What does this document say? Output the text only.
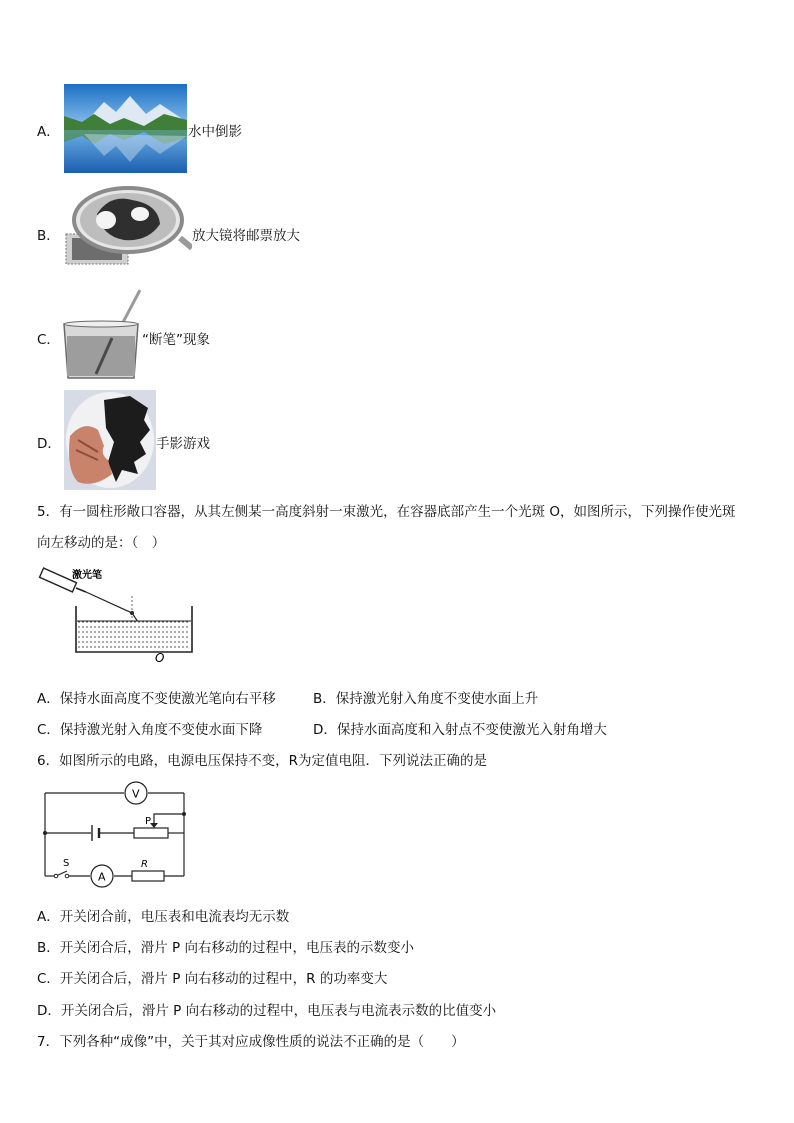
A．	水中倒影
B．	放大镜将邮票放大
C．	“断笔”现象
D．	手影游戏
5．有一圆柱形敞口容器，从其左侧某一高度斜射一束激光，在容器底部产生一个光斑 O，如图所示，下列操作使光斑
向左移动的是：（　）
激光笔
O
A．保持水面高度不变使激光笔向右平移	B．保持激光射入角度不变使水面上升
C．保持激光射入角度不变使水面下降	D．保持水面高度和入射点不变使激光入射角增大
6．如图所示的电路，电源电压保持不变，R为定值电阻．下列说法正确的是
V
A
P
S	R
A．开关闭合前，电压表和电流表均无示数
B．开关闭合后，滑片 P 向右移动的过程中，电压表的示数变小
C．开关闭合后，滑片 P 向右移动的过程中，R 的功率变大
D．开关闭合后，滑片 P 向右移动的过程中，电压表与电流表示数的比值变小
7．下列各种“成像”中，关于其对应成像性质的说法不正确的是（　　）
